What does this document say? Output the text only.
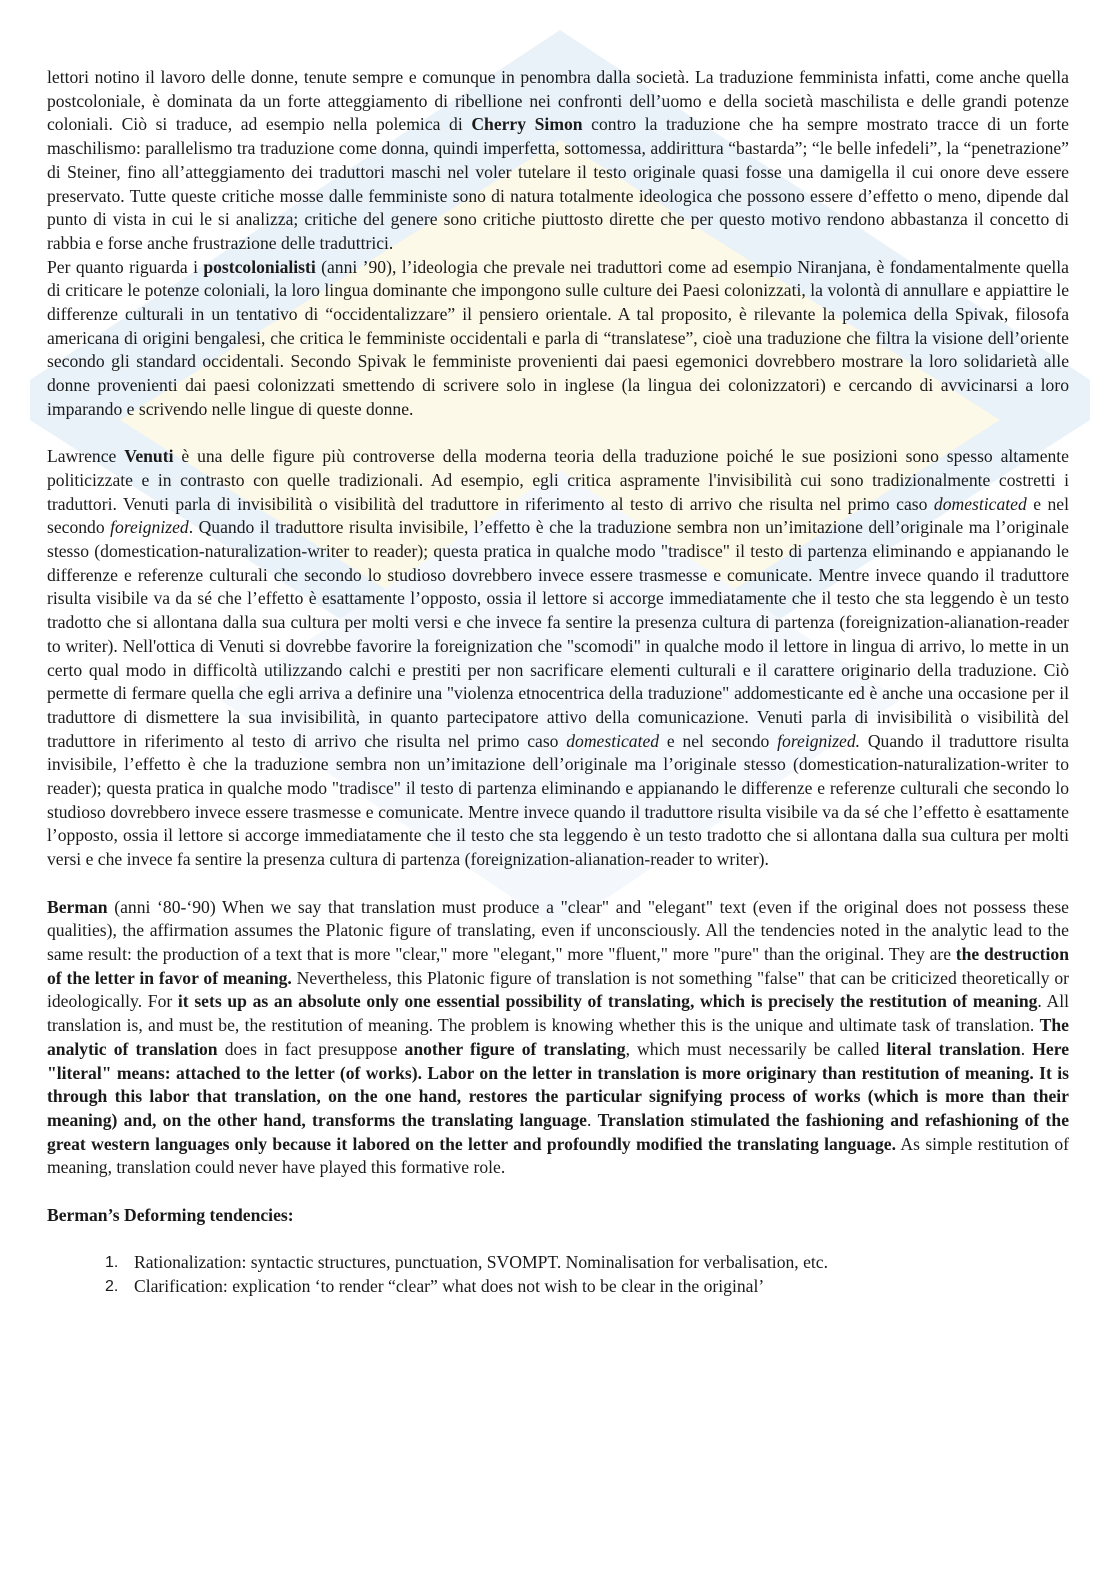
lettori notino il lavoro delle donne, tenute sempre e comunque in penombra dalla società. La traduzione femminista infatti, come anche quella postcoloniale, è dominata da un forte atteggiamento di ribellione nei confronti dell’uomo e della società maschilista e delle grandi potenze coloniali. Ciò si traduce, ad esempio nella polemica di Cherry Simon contro la traduzione che ha sempre mostrato tracce di un forte maschilismo: parallelismo tra traduzione come donna, quindi imperfetta, sottomessa, addirittura “bastarda”; “le belle infedeli”, la “penetrazione” di Steiner, fino all’atteggiamento dei traduttori maschi nel voler tutelare il testo originale quasi fosse una damigella il cui onore deve essere preservato. Tutte queste critiche mosse dalle femministe sono di natura totalmente ideologica che possono essere d’effetto o meno, dipende dal punto di vista in cui le si analizza; critiche del genere sono critiche piuttosto dirette che per questo motivo rendono abbastanza il concetto di rabbia e forse anche frustrazione delle traduttrici.

Per quanto riguarda i postcolonialisti (anni ’90), l’ideologia che prevale nei traduttori come ad esempio Niranjana, è fondamentalmente quella di criticare le potenze coloniali, la loro lingua dominante che impongono sulle culture dei Paesi colonizzati, la volontà di annullare e appiattire le differenze culturali in un tentativo di “occidentalizzare” il pensiero orientale. A tal proposito, è rilevante la polemica della Spivak, filosofa americana di origini bengalesi, che critica le femministe occidentali e parla di “translatese”, cioè una traduzione che filtra la visione dell’oriente secondo gli standard occidentali. Secondo Spivak le femministe provenienti dai paesi egemonici dovrebbero mostrare la loro solidarietà alle donne provenienti dai paesi colonizzati smettendo di scrivere solo in inglese (la lingua dei colonizzatori) e cercando di avvicinarsi a loro imparando e scrivendo nelle lingue di queste donne.

Lawrence Venuti è una delle figure più controverse della moderna teoria della traduzione poiché le sue posizioni sono spesso altamente politicizzate e in contrasto con quelle tradizionali. Ad esempio, egli critica aspramente l'invisibilità cui sono tradizionalmente costretti i traduttori. Venuti parla di invisibilità o visibilità del traduttore in riferimento al testo di arrivo che risulta nel primo caso domesticated e nel secondo foreignized. Quando il traduttore risulta invisibile, l’effetto è che la traduzione sembra non un’imitazione dell’originale ma l’originale stesso (domestication-naturalization-writer to reader); questa pratica in qualche modo "tradisce" il testo di partenza eliminando e appianando le differenze e referenze culturali che secondo lo studioso dovrebbero invece essere trasmesse e comunicate. Mentre invece quando il traduttore risulta visibile va da sé che l’effetto è esattamente l’opposto, ossia il lettore si accorge immediatamente che il testo che sta leggendo è un testo tradotto che si allontana dalla sua cultura per molti versi e che invece fa sentire la presenza cultura di partenza (foreignization-alianation-reader to writer). Nell'ottica di Venuti si dovrebbe favorire la foreignization che "scomodi" in qualche modo il lettore in lingua di arrivo, lo mette in un certo qual modo in difficoltà utilizzando calchi e prestiti per non sacrificare elementi culturali e il carattere originario della traduzione. Ciò permette di fermare quella che egli arriva a definire una "violenza etnocentrica della traduzione" addomesticante ed è anche una occasione per il traduttore di dismettere la sua invisibilità, in quanto partecipatore attivo della comunicazione. Venuti parla di invisibilità o visibilità del traduttore in riferimento al testo di arrivo che risulta nel primo caso domesticated e nel secondo foreignized. Quando il traduttore risulta invisibile, l’effetto è che la traduzione sembra non un’imitazione dell’originale ma l’originale stesso (domestication-naturalization-writer to reader); questa pratica in qualche modo "tradisce" il testo di partenza eliminando e appianando le differenze e referenze culturali che secondo lo studioso dovrebbero invece essere trasmesse e comunicate. Mentre invece quando il traduttore risulta visibile va da sé che l’effetto è esattamente l’opposto, ossia il lettore si accorge immediatamente che il testo che sta leggendo è un testo tradotto che si allontana dalla sua cultura per molti versi e che invece fa sentire la presenza cultura di partenza (foreignization-alianation-reader to writer).

Berman (anni ‘80-‘90) When we say that translation must produce a "clear" and "elegant" text (even if the original does not possess these qualities), the affirmation assumes the Platonic figure of translating, even if unconsciously. All the tendencies noted in the analytic lead to the same result: the production of a text that is more "clear," more "elegant," more "fluent," more "pure" than the original. They are the destruction of the letter in favor of meaning. Nevertheless, this Platonic figure of translation is not something "false" that can be criticized theoretically or ideologically. For it sets up as an absolute only one essential possibility of translating, which is precisely the restitution of meaning. All translation is, and must be, the restitution of meaning. The problem is knowing whether this is the unique and ultimate task of translation. The analytic of translation does in fact presuppose another figure of translating, which must necessarily be called literal translation. Here "literal" means: attached to the letter (of works). Labor on the letter in translation is more originary than restitution of meaning. It is through this labor that translation, on the one hand, restores the particular signifying process of works (which is more than their meaning) and, on the other hand, transforms the translating language. Translation stimulated the fashioning and refashioning of the great western languages only because it labored on the letter and profoundly modified the translating language. As simple restitution of meaning, translation could never have played this formative role.

Berman’s Deforming tendencies:

1. Rationalization: syntactic structures, punctuation, SVOMPT. Nominalisation for verbalisation, etc.
2. Clarification: explication ‘to render “clear” what does not wish to be clear in the original’
